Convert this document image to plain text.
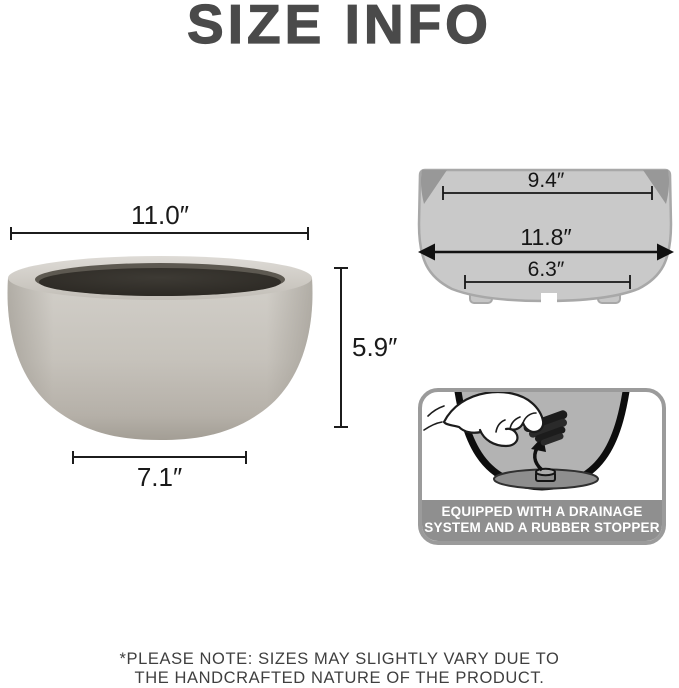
SIZE INFO
11.0″
5.9″
7.1″
9.4″
11.8″
6.3″
EQUIPPED WITH A DRAINAGE
SYSTEM AND A RUBBER STOPPER
*PLEASE NOTE: SIZES MAY SLIGHTLY VARY DUE TO
THE HANDCRAFTED NATURE OF THE PRODUCT.
